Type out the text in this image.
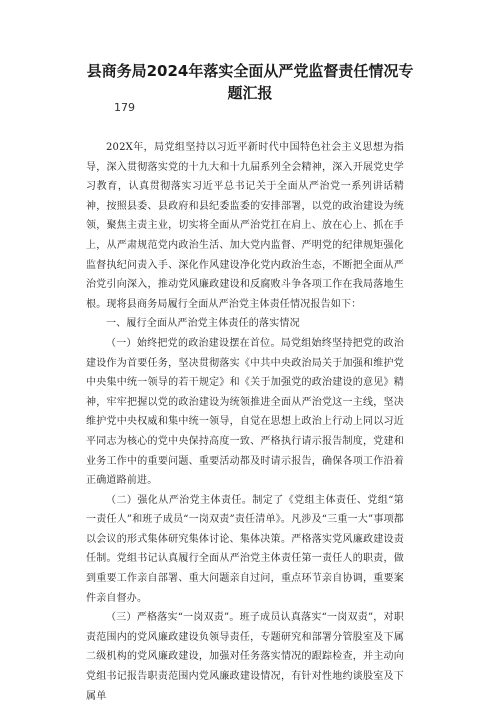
县商务局2024年落实全面从严党监督责任情况专题汇报
179

202X年，局党组坚持以习近平新时代中国特色社会主义思想为指导，深入贯彻落实党的十九大和十九届系列全会精神，深入开展党史学习教育，认真贯彻落实习近平总书记关于全面从严治党一系列讲话精神，按照县委、县政府和县纪委监委的安排部署，以党的政治建设为统领，聚焦主责主业，切实将全面从严治党扛在肩上、放在心上、抓在手上，从严肃规范党内政治生活、加大党内监督、严明党的纪律规矩强化监督执纪问责入手、深化作风建设净化党内政治生态，不断把全面从严治党引向深入，推动党风廉政建设和反腐败斗争各项工作在我局落地生根。现将县商务局履行全面从严治党主体责任情况报告如下：

一、履行全面从严治党主体责任的落实情况

（一）始终把党的政治建设摆在首位。局党组始终坚持把党的政治建设作为首要任务，坚决贯彻落实《中共中央政治局关于加强和维护党中央集中统一领导的若干规定》和《关于加强党的政治建设的意见》精神，牢牢把握以党的政治建设为统领推进全面从严治党这一主线，坚决维护党中央权威和集中统一领导，自觉在思想上政治上行动上同以习近平同志为核心的党中央保持高度一致、严格执行请示报告制度，党建和业务工作中的重要问题、重要活动都及时请示报告，确保各项工作沿着正确道路前进。

（二）强化从严治党主体责任。制定了《党组主体责任、党组“第一责任人”和班子成员“一岗双责”责任清单》。凡涉及“三重一大”事项都以会议的形式集体研究集体讨论、集体决策。严格落实党风廉政建设责任制。党组书记认真履行全面从严治党主体责任第一责任人的职责，做到重要工作亲自部署、重大问题亲自过问，重点环节亲自协调，重要案件亲自督办。

（三）严格落实“一岗双责”。班子成员认真落实“一岗双责”，对职责范围内的党风廉政建设负领导责任，专题研究和部署分管股室及下属二级机构的党风廉政建设，加强对任务落实情况的跟踪检查，并主动向党组书记报告职责范围内党风廉政建设情况，有针对性地约谈股室及下属单
